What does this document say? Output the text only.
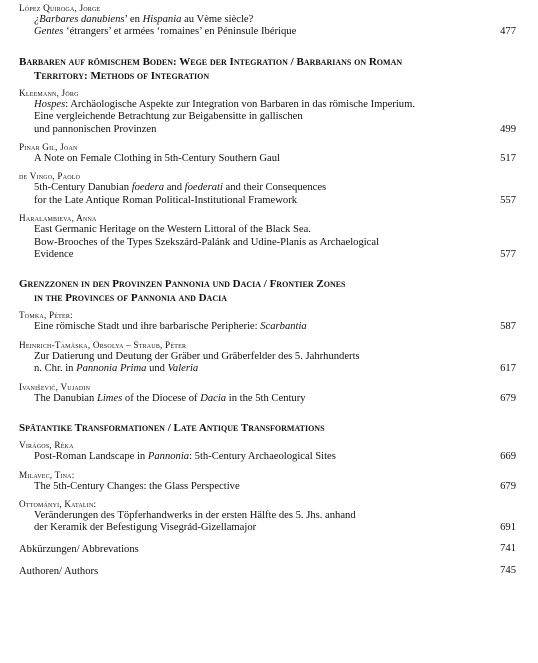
López Quiroga, Jorge
¿Barbares danubiens’ en Hispania au Vème siècle?
Gentes ‘étrangers’ et armées ‘romaines’ en Péninsule Ibérique	477
Barbaren auf römischem Boden: Wege der Integration / Barbarians on Roman
Territory: Methods of Integration
Kleemann, Jörg
Hospes: Archäologische Aspekte zur Integration von Barbaren in das römische Imperium.
Eine vergleichende Betrachtung zur Beigabensitte in gallischen
und pannonischen Provinzen	499
Pinar Gil, Joan
A Note on Female Clothing in 5th-Century Southern Gaul	517
de Vingo, Paolo
5th-Century Danubian foedera and foederati and their Consequences
for the Late Antique Roman Political-Institutional Framework	557
Haralambieva, Anna
East Germanic Heritage on the Western Littoral of the Black Sea.
Bow-Brooches of the Types Szekszárd-Palánk and Udine-Planis as Archaelogical
Evidence	577
Grenzzonen in den Provinzen Pannonia und Dacia / Frontier Zones
in the Provinces of Pannonia and Dacia
Tomka, Péter:
Eine römische Stadt und ihre barbarische Peripherie: Scarbantia	587
Heinrich-Tamáska, Orsolya – Straub, Péter
Zur Datierung und Deutung der Gräber und Gräberfelder des 5. Jahrhunderts
n. Chr. in Pannonia Prima und Valeria	617
Ivanišević, Vujadin
The Danubian Limes of the Diocese of Dacia in the 5th Century	679
Spätantike Transformationen / Late Antique Transformations
Virágos, Réka
Post-Roman Landscape in Pannonia: 5th-Century Archaeological Sites	669
Milavec, Tina:
The 5th-Century Changes: the Glass Perspective	679
Ottományi, Katalin:
Veränderungen des Töpferhandwerks in der ersten Hälfte des 5. Jhs. anhand
der Keramik der Befestigung Visegrád-Gizellamajor	691
Abkürzungen/ Abbrevations	741
Authoren/ Authors	745
